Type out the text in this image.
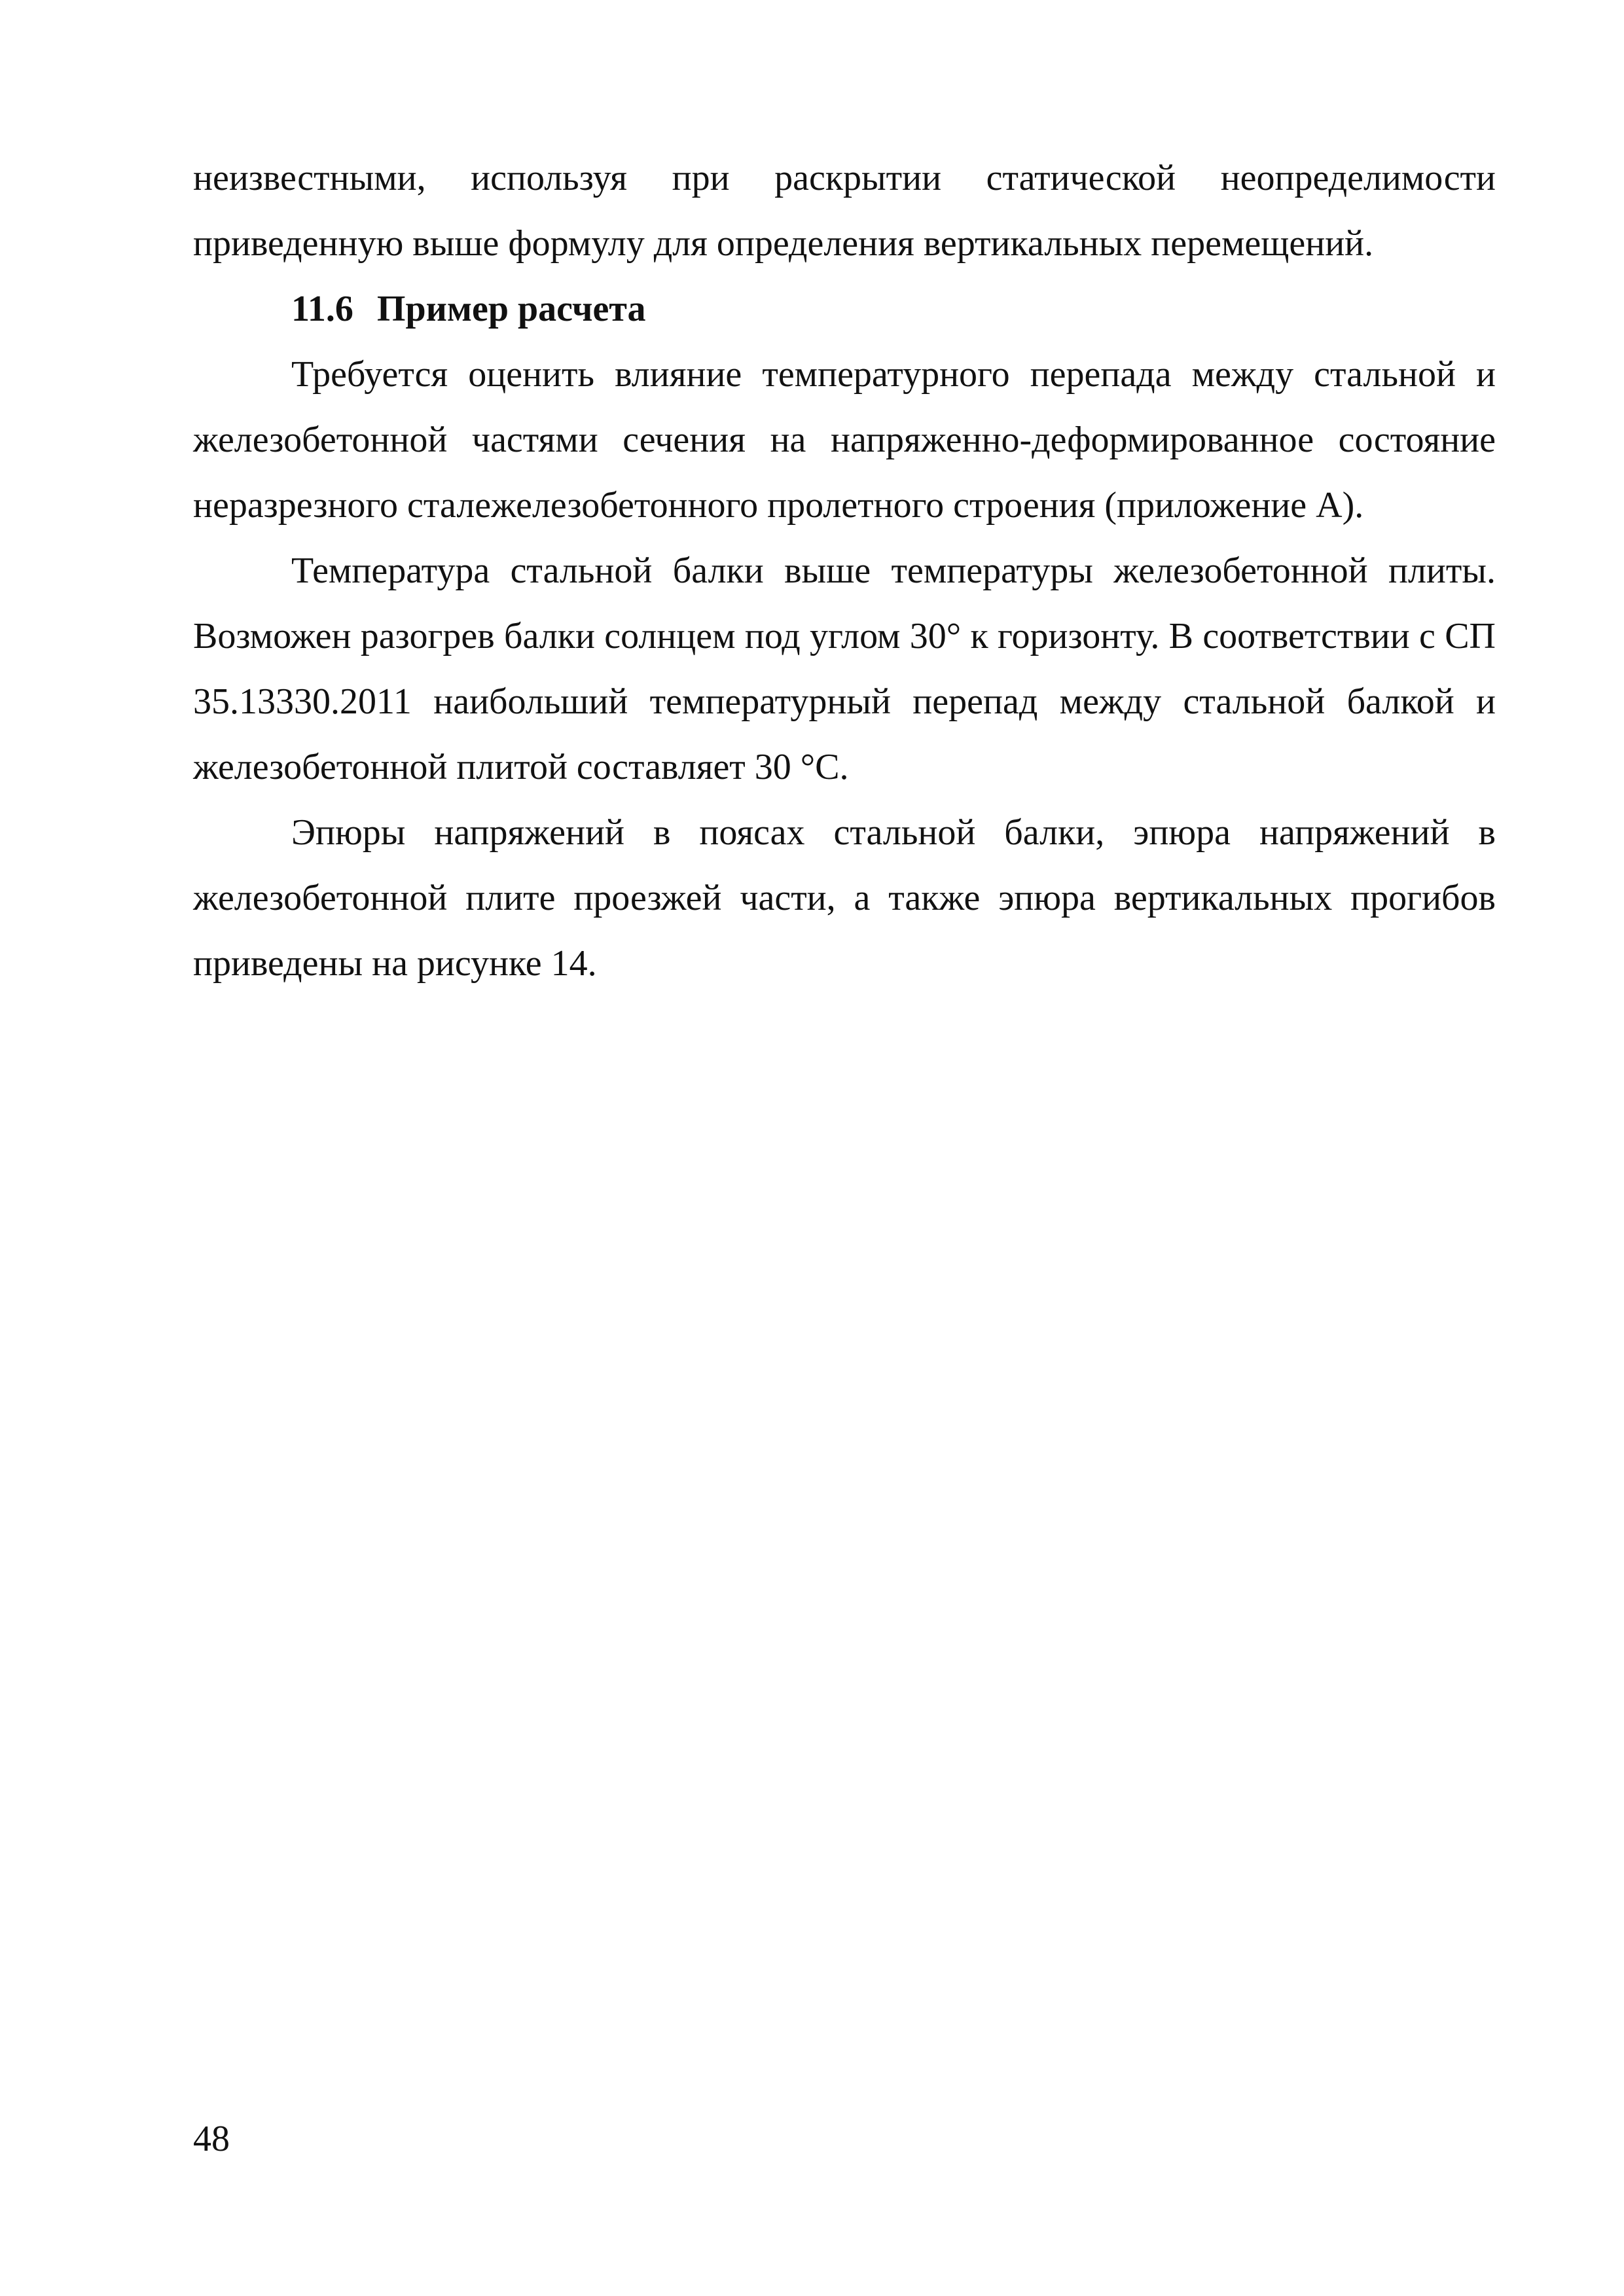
неизвестными, используя при раскрытии статической неопределимости приведенную выше формулу для определения вертикальных перемещений.

11.6 Пример расчета

Требуется оценить влияние температурного перепада между стальной и железобетонной частями сечения на напряженно-деформированное состояние неразрезного сталежелезобетонного пролетного строения (приложение А).

Температура стальной балки выше температуры железобетонной плиты. Возможен разогрев балки солнцем под углом 30° к горизонту. В соответствии с СП 35.13330.2011 наибольший температурный перепад между стальной балкой и железобетонной плитой составляет 30 °С.

Эпюры напряжений в поясах стальной балки, эпюра напряжений в железобетонной плите проезжей части, а также эпюра вертикальных прогибов приведены на рисунке 14.

48
